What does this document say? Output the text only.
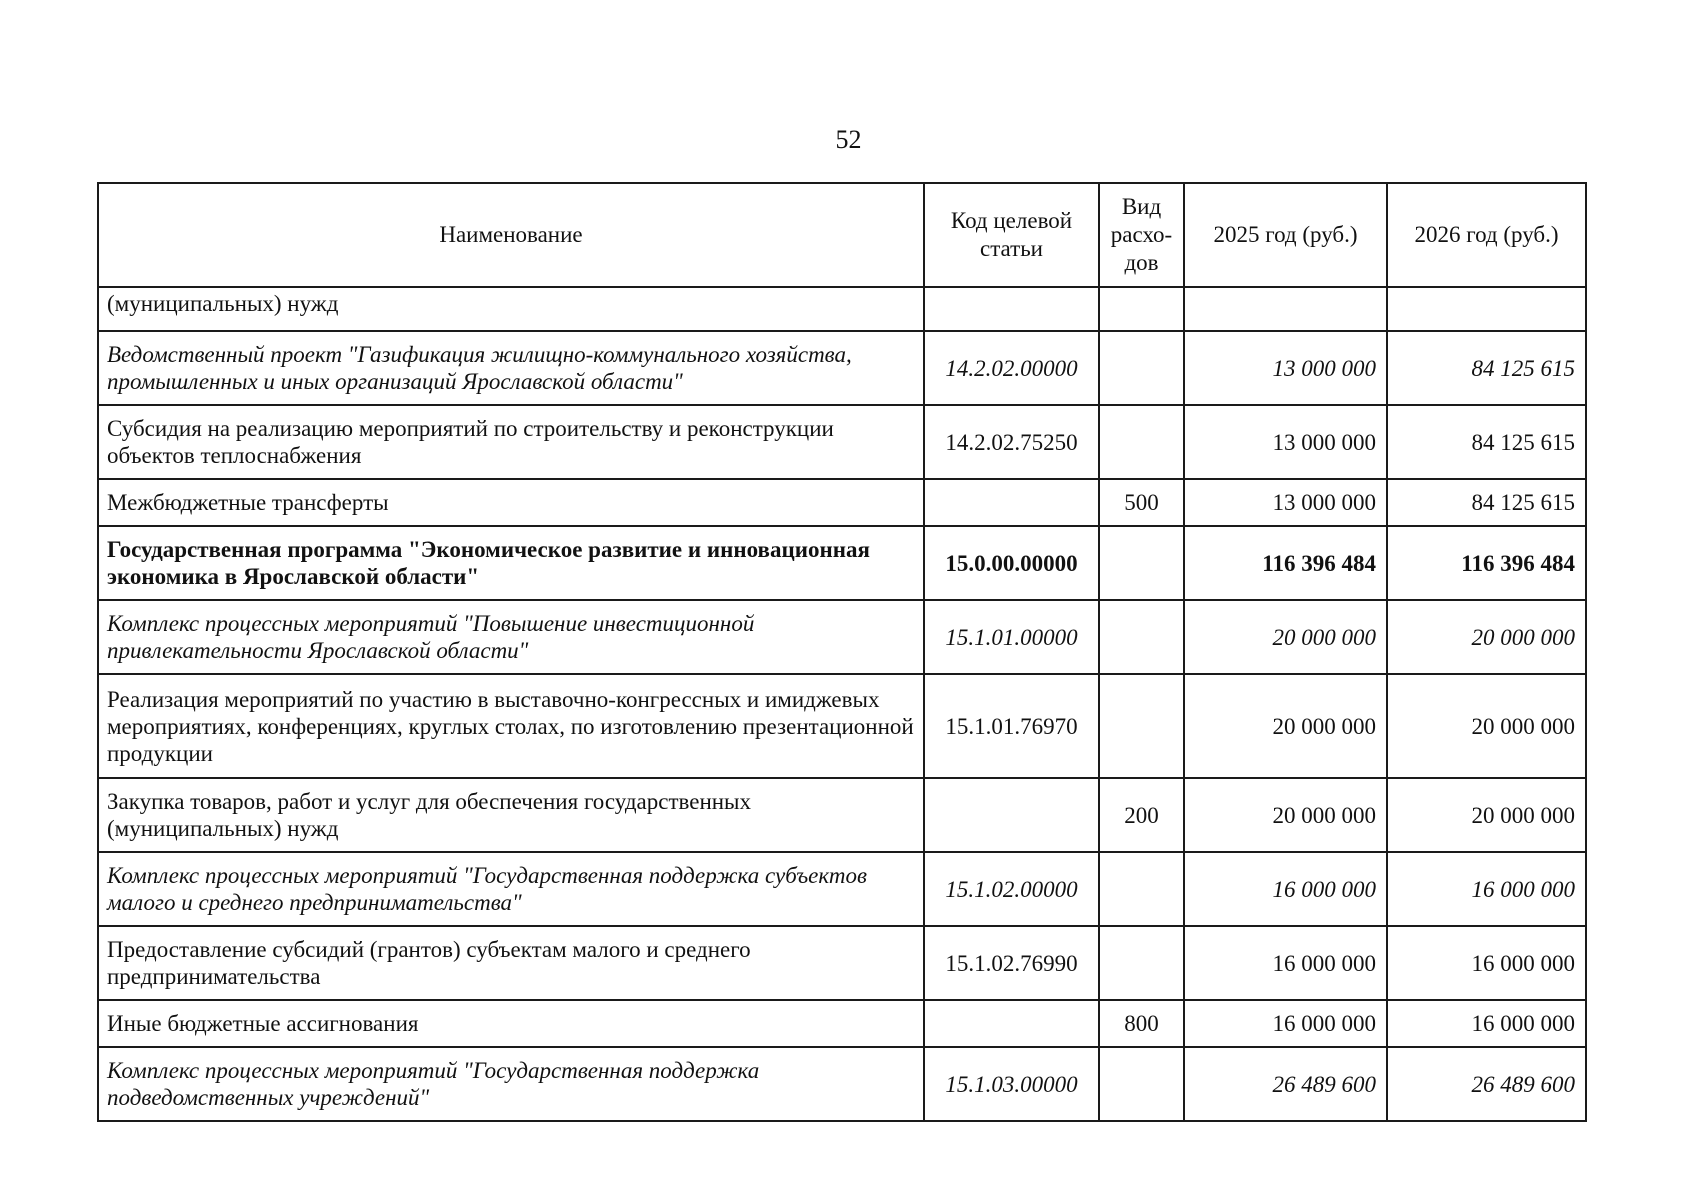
52
Наименование	Код целевой статьи	Вид расхо-дов	2025 год (руб.)	2026 год (руб.)
(муниципальных) нужд				
Ведомственный проект "Газификация жилищно-коммунального хозяйства, промышленных и иных организаций Ярославской области"	14.2.02.00000		13 000 000	84 125 615
Субсидия на реализацию мероприятий по строительству и реконструкции объектов теплоснабжения	14.2.02.75250		13 000 000	84 125 615
Межбюджетные трансферты		500	13 000 000	84 125 615
Государственная программа "Экономическое развитие и инновационная экономика в Ярославской области"	15.0.00.00000		116 396 484	116 396 484
Комплекс процессных мероприятий "Повышение инвестиционной привлекательности Ярославской области"	15.1.01.00000		20 000 000	20 000 000
Реализация мероприятий по участию в выставочно-конгрессных и имиджевых мероприятиях, конференциях, круглых столах, по изготовлению презентационной продукции	15.1.01.76970		20 000 000	20 000 000
Закупка товаров, работ и услуг для обеспечения государственных (муниципальных) нужд		200	20 000 000	20 000 000
Комплекс процессных мероприятий "Государственная поддержка субъектов малого и среднего предпринимательства"	15.1.02.00000		16 000 000	16 000 000
Предоставление субсидий (грантов) субъектам малого и среднего предпринимательства	15.1.02.76990		16 000 000	16 000 000
Иные бюджетные ассигнования		800	16 000 000	16 000 000
Комплекс процессных мероприятий "Государственная поддержка подведомственных учреждений"	15.1.03.00000		26 489 600	26 489 600
